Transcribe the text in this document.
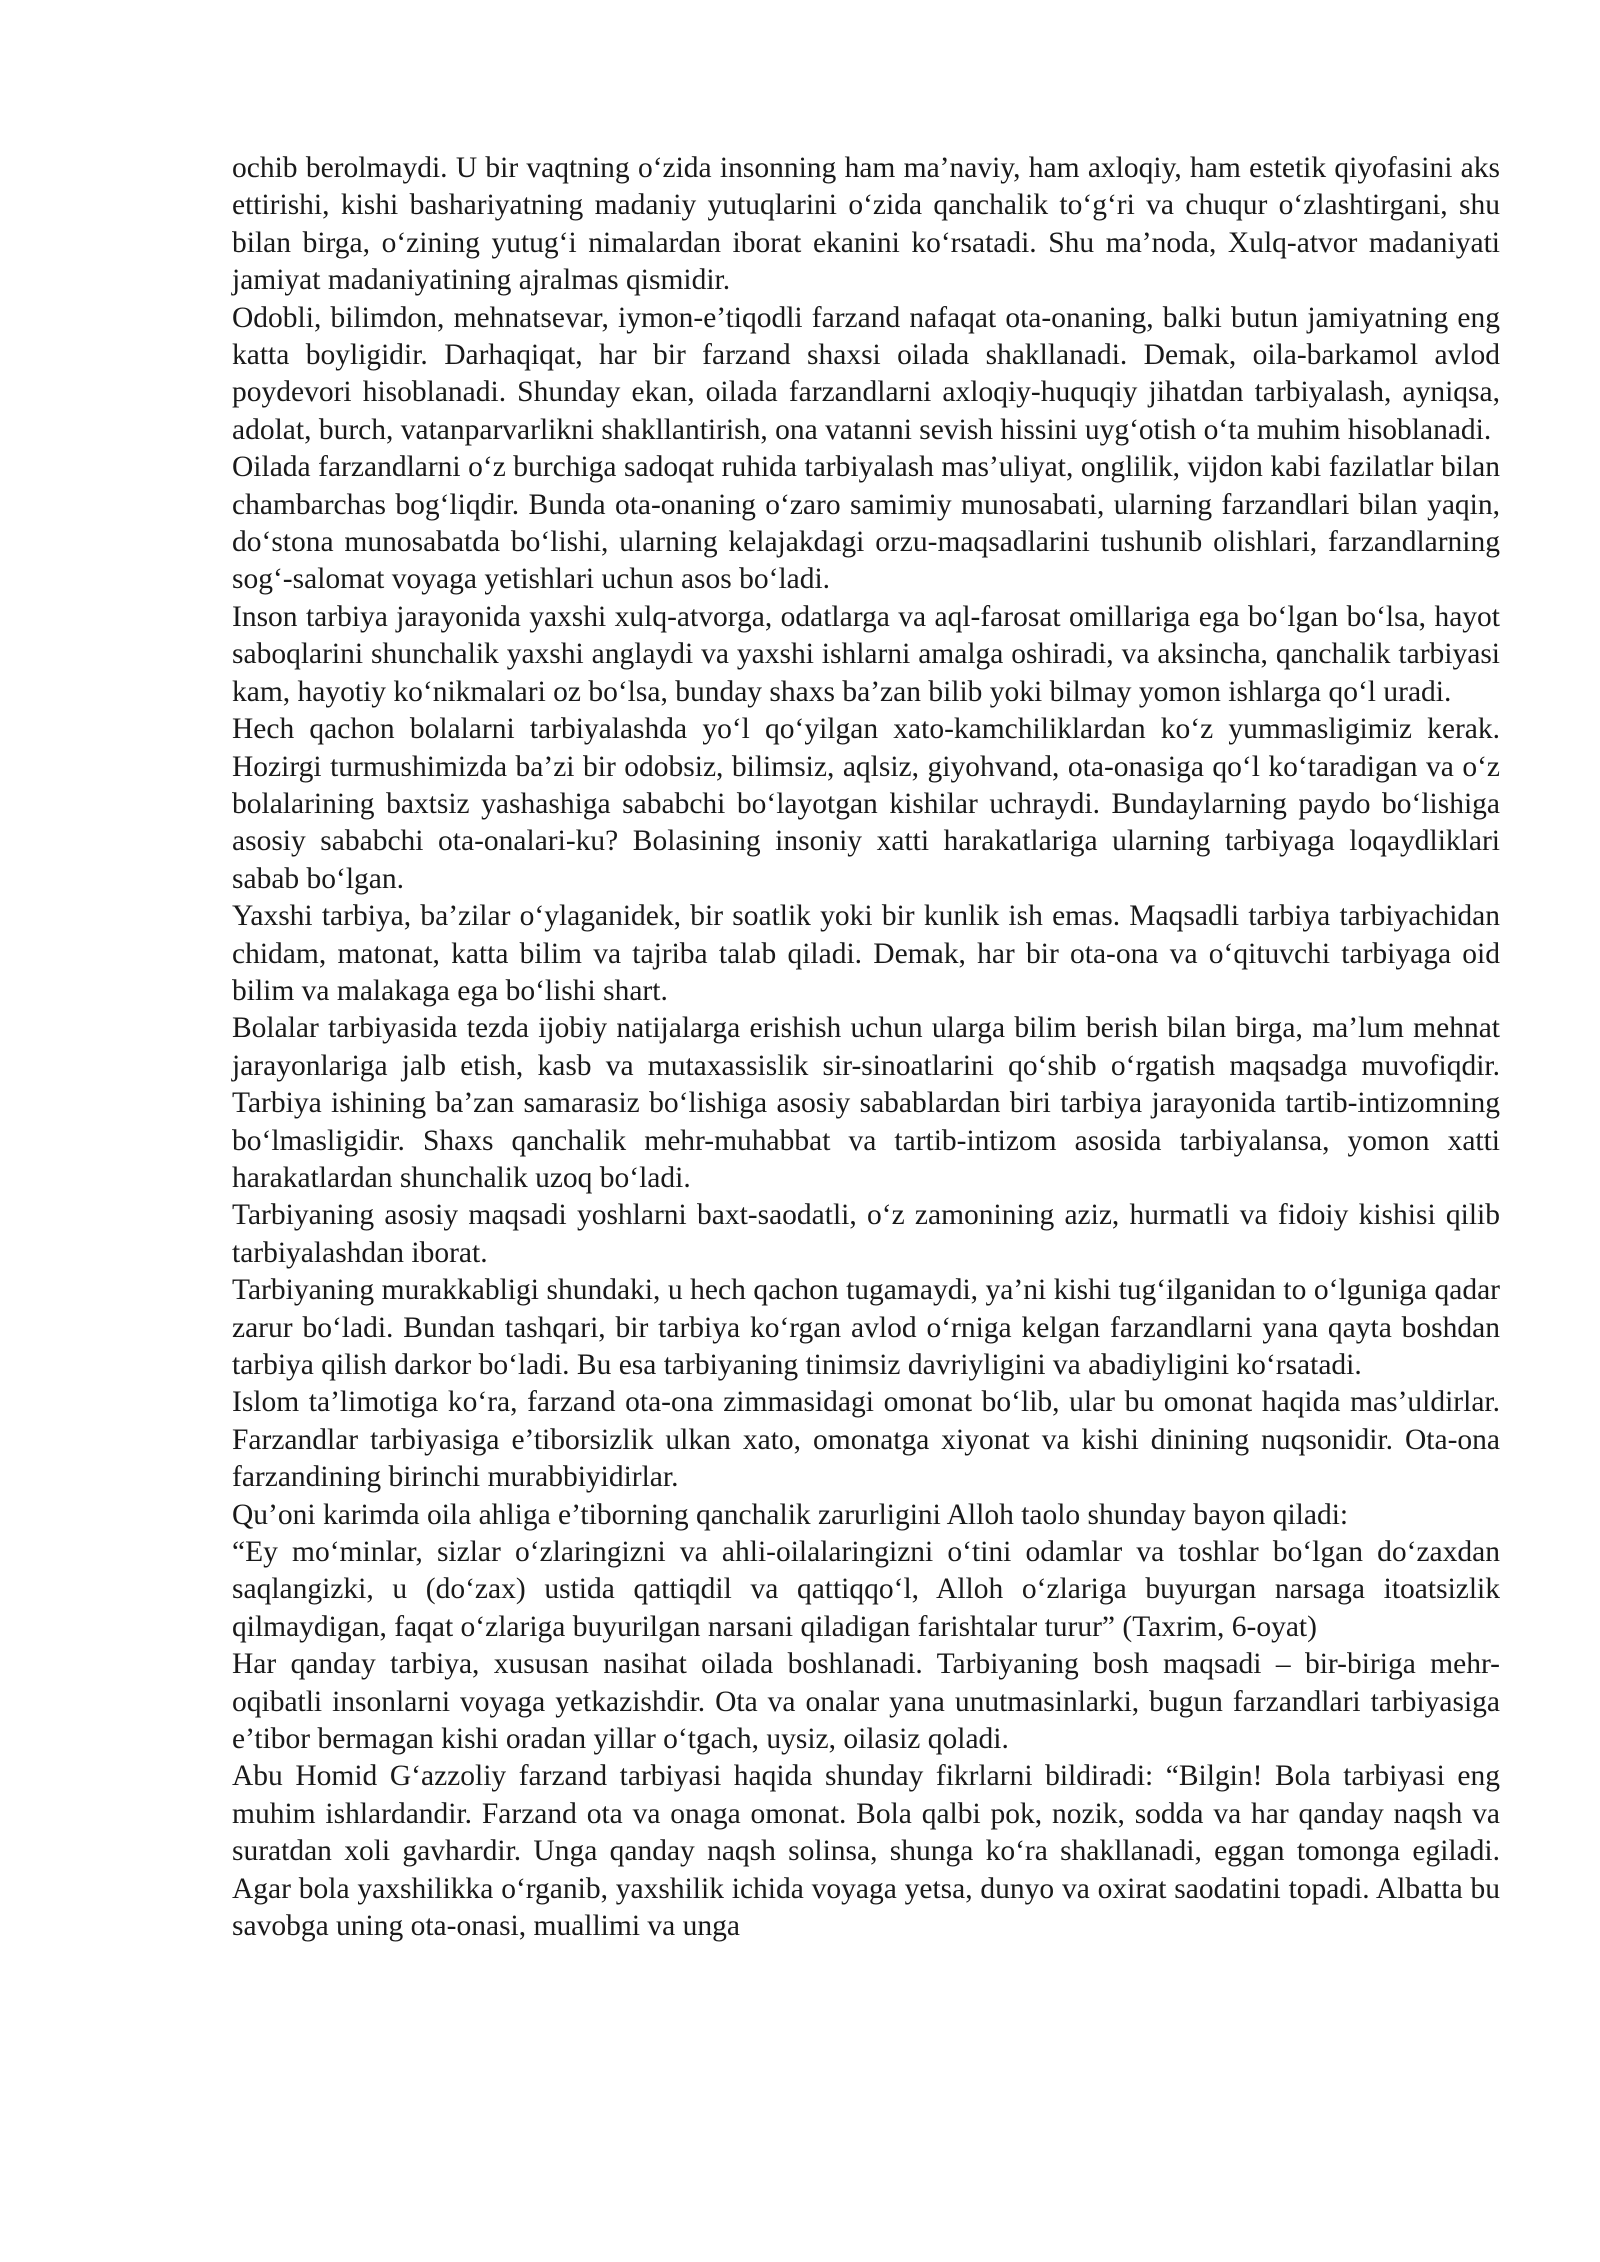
ochib berolmaydi. U bir vaqtning o‘zida insonning ham ma’naviy, ham axloqiy, ham estetik qiyofasini aks ettirishi, kishi bashariyatning madaniy yutuqlarini o‘zida qanchalik to‘g‘ri va chuqur o‘zlashtirgani, shu bilan birga, o‘zining yutug‘i nimalardan iborat ekanini ko‘rsatadi. Shu ma’noda, Xulq-atvor madaniyati jamiyat madaniyatining ajralmas qismidir.

Odobli, bilimdon, mehnatsevar, iymon-e’tiqodli farzand nafaqat ota-onaning, balki butun jamiyatning eng katta boyligidir. Darhaqiqat, har bir farzand shaxsi oilada shakllanadi. Demak, oila-barkamol avlod poydevori hisoblanadi. Shunday ekan, oilada farzandlarni axloqiy-huquqiy jihatdan tarbiyalash, ayniqsa, adolat, burch, vatanparvarlikni shakllantirish, ona vatanni sevish hissini uyg‘otish o‘ta muhim hisoblanadi.

Oilada farzandlarni o‘z burchiga sadoqat ruhida tarbiyalash mas’uliyat, onglilik, vijdon kabi fazilatlar bilan chambarchas bog‘liqdir. Bunda ota-onaning o‘zaro samimiy munosabati, ularning farzandlari bilan yaqin, do‘stona munosabatda bo‘lishi, ularning kelajakdagi orzu-maqsadlarini tushunib olishlari, farzandlarning sog‘-salomat voyaga yetishlari uchun asos bo‘ladi.

Inson tarbiya jarayonida yaxshi xulq-atvorga, odatlarga va aql-farosat omillariga ega bo‘lgan bo‘lsa, hayot saboqlarini shunchalik yaxshi anglaydi va yaxshi ishlarni amalga oshiradi, va aksincha, qanchalik tarbiyasi kam, hayotiy ko‘nikmalari oz bo‘lsa, bunday shaxs ba’zan bilib yoki bilmay yomon ishlarga qo‘l uradi.

Hech qachon bolalarni tarbiyalashda yo‘l qo‘yilgan xato-kamchiliklardan ko‘z yummasligimiz kerak. Hozirgi turmushimizda ba’zi bir odobsiz, bilimsiz, aqlsiz, giyohvand, ota-onasiga qo‘l ko‘taradigan va o‘z bolalarining baxtsiz yashashiga sababchi bo‘layotgan kishilar uchraydi. Bundaylarning paydo bo‘lishiga asosiy sababchi ota-onalari-ku? Bolasining insoniy xatti harakatlariga ularning tarbiyaga loqaydliklari sabab bo‘lgan.

Yaxshi tarbiya, ba’zilar o‘ylaganidek, bir soatlik yoki bir kunlik ish emas. Maqsadli tarbiya tarbiyachidan chidam, matonat, katta bilim va tajriba talab qiladi. Demak, har bir ota-ona va o‘qituvchi tarbiyaga oid bilim va malakaga ega bo‘lishi shart.

Bolalar tarbiyasida tezda ijobiy natijalarga erishish uchun ularga bilim berish bilan birga, ma’lum mehnat jarayonlariga jalb etish, kasb va mutaxassislik sir-sinoatlarini qo‘shib o‘rgatish maqsadga muvofiqdir. Tarbiya ishining ba’zan samarasiz bo‘lishiga asosiy sabablardan biri tarbiya jarayonida tartib-intizomning bo‘lmasligidir. Shaxs qanchalik mehr-muhabbat va tartib-intizom asosida tarbiyalansa, yomon xatti harakatlardan shunchalik uzoq bo‘ladi.

Tarbiyaning asosiy maqsadi yoshlarni baxt-saodatli, o‘z zamonining aziz, hurmatli va fidoiy kishisi qilib tarbiyalashdan iborat.

Tarbiyaning murakkabligi shundaki, u hech qachon tugamaydi, ya’ni kishi tug‘ilganidan to o‘lguniga qadar zarur bo‘ladi. Bundan tashqari, bir tarbiya ko‘rgan avlod o‘rniga kelgan farzandlarni yana qayta boshdan tarbiya qilish darkor bo‘ladi. Bu esa tarbiyaning tinimsiz davriyligini va abadiyligini ko‘rsatadi.

Islom ta’limotiga ko‘ra, farzand ota-ona zimmasidagi omonat bo‘lib, ular bu omonat haqida mas’uldirlar. Farzandlar tarbiyasiga e’tiborsizlik ulkan xato, omonatga xiyonat va kishi dinining nuqsonidir. Ota-ona farzandining birinchi murabbiyidirlar.

Qu’oni karimda oila ahliga e’tiborning qanchalik zarurligini Alloh taolo shunday bayon qiladi:

“Ey mo‘minlar, sizlar o‘zlaringizni va ahli-oilalaringizni o‘tini odamlar va toshlar bo‘lgan do‘zaxdan saqlangizki, u (do‘zax) ustida qattiqdil va qattiqqo‘l, Alloh o‘zlariga buyurgan narsaga itoatsizlik qilmaydigan, faqat o‘zlariga buyurilgan narsani qiladigan farishtalar turur” (Taxrim, 6-oyat)

Har qanday tarbiya, xususan nasihat oilada boshlanadi. Tarbiyaning bosh maqsadi – bir-biriga mehr-oqibatli insonlarni voyaga yetkazishdir. Ota va onalar yana unutmasinlarki, bugun farzandlari tarbiyasiga e’tibor bermagan kishi oradan yillar o‘tgach, uysiz, oilasiz qoladi.

Abu Homid G‘azzoliy farzand tarbiyasi haqida shunday fikrlarni bildiradi: “Bilgin! Bola tarbiyasi eng muhim ishlardandir. Farzand ota va onaga omonat. Bola qalbi pok, nozik, sodda va har qanday naqsh va suratdan xoli gavhardir. Unga qanday naqsh solinsa, shunga ko‘ra shakllanadi, eggan tomonga egiladi. Agar bola yaxshilikka o‘rganib, yaxshilik ichida voyaga yetsa, dunyo va oxirat saodatini topadi. Albatta bu savobga uning ota-onasi, muallimi va unga
